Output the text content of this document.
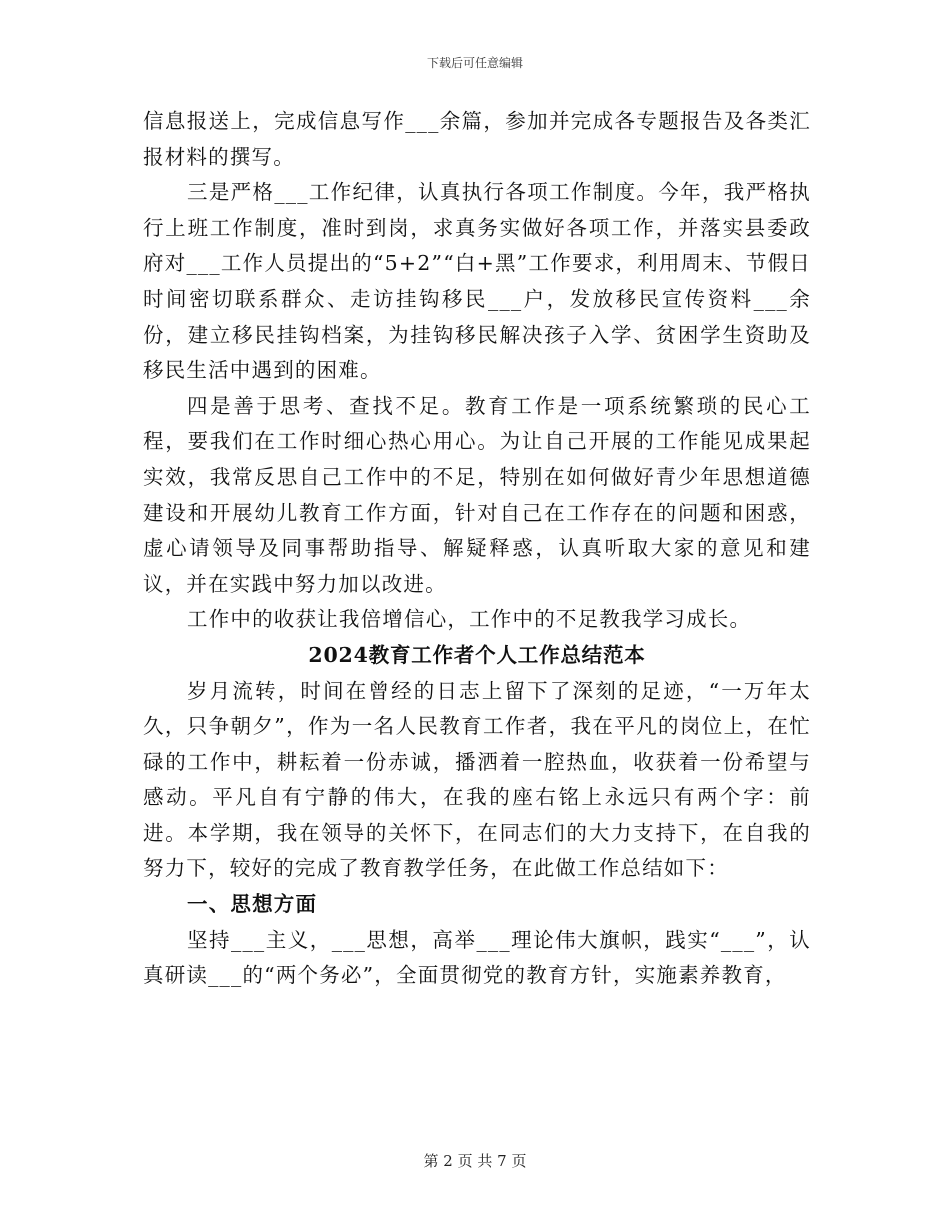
下载后可任意编辑

信息报送上，完成信息写作___余篇，参加并完成各专题报告及各类汇报材料的撰写。

三是严格___工作纪律，认真执行各项工作制度。今年，我严格执行上班工作制度，准时到岗，求真务实做好各项工作，并落实县委政府对___工作人员提出的“5+2”“白+黑”工作要求，利用周末、节假日时间密切联系群众、走访挂钩移民___户，发放移民宣传资料___余份，建立移民挂钩档案，为挂钩移民解决孩子入学、贫困学生资助及移民生活中遇到的困难。

四是善于思考、查找不足。教育工作是一项系统繁琐的民心工程，要我们在工作时细心热心用心。为让自己开展的工作能见成果起实效，我常反思自己工作中的不足，特别在如何做好青少年思想道德建设和开展幼儿教育工作方面，针对自己在工作存在的问题和困惑，虚心请领导及同事帮助指导、解疑释惑，认真听取大家的意见和建议，并在实践中努力加以改进。

工作中的收获让我倍增信心，工作中的不足教我学习成长。

2024教育工作者个人工作总结范本

岁月流转，时间在曾经的日志上留下了深刻的足迹，“一万年太久，只争朝夕”，作为一名人民教育工作者，我在平凡的岗位上，在忙碌的工作中，耕耘着一份赤诚，播洒着一腔热血，收获着一份希望与感动。平凡自有宁静的伟大，在我的座右铭上永远只有两个字：前进。本学期，我在领导的关怀下，在同志们的大力支持下，在自我的努力下，较好的完成了教育教学任务，在此做工作总结如下：

一、思想方面

坚持___主义，___思想，高举___理论伟大旗帜，践实“___”，认真研读___的“两个务必”，全面贯彻党的教育方针，实施素养教育，

第 2 页 共 7 页
